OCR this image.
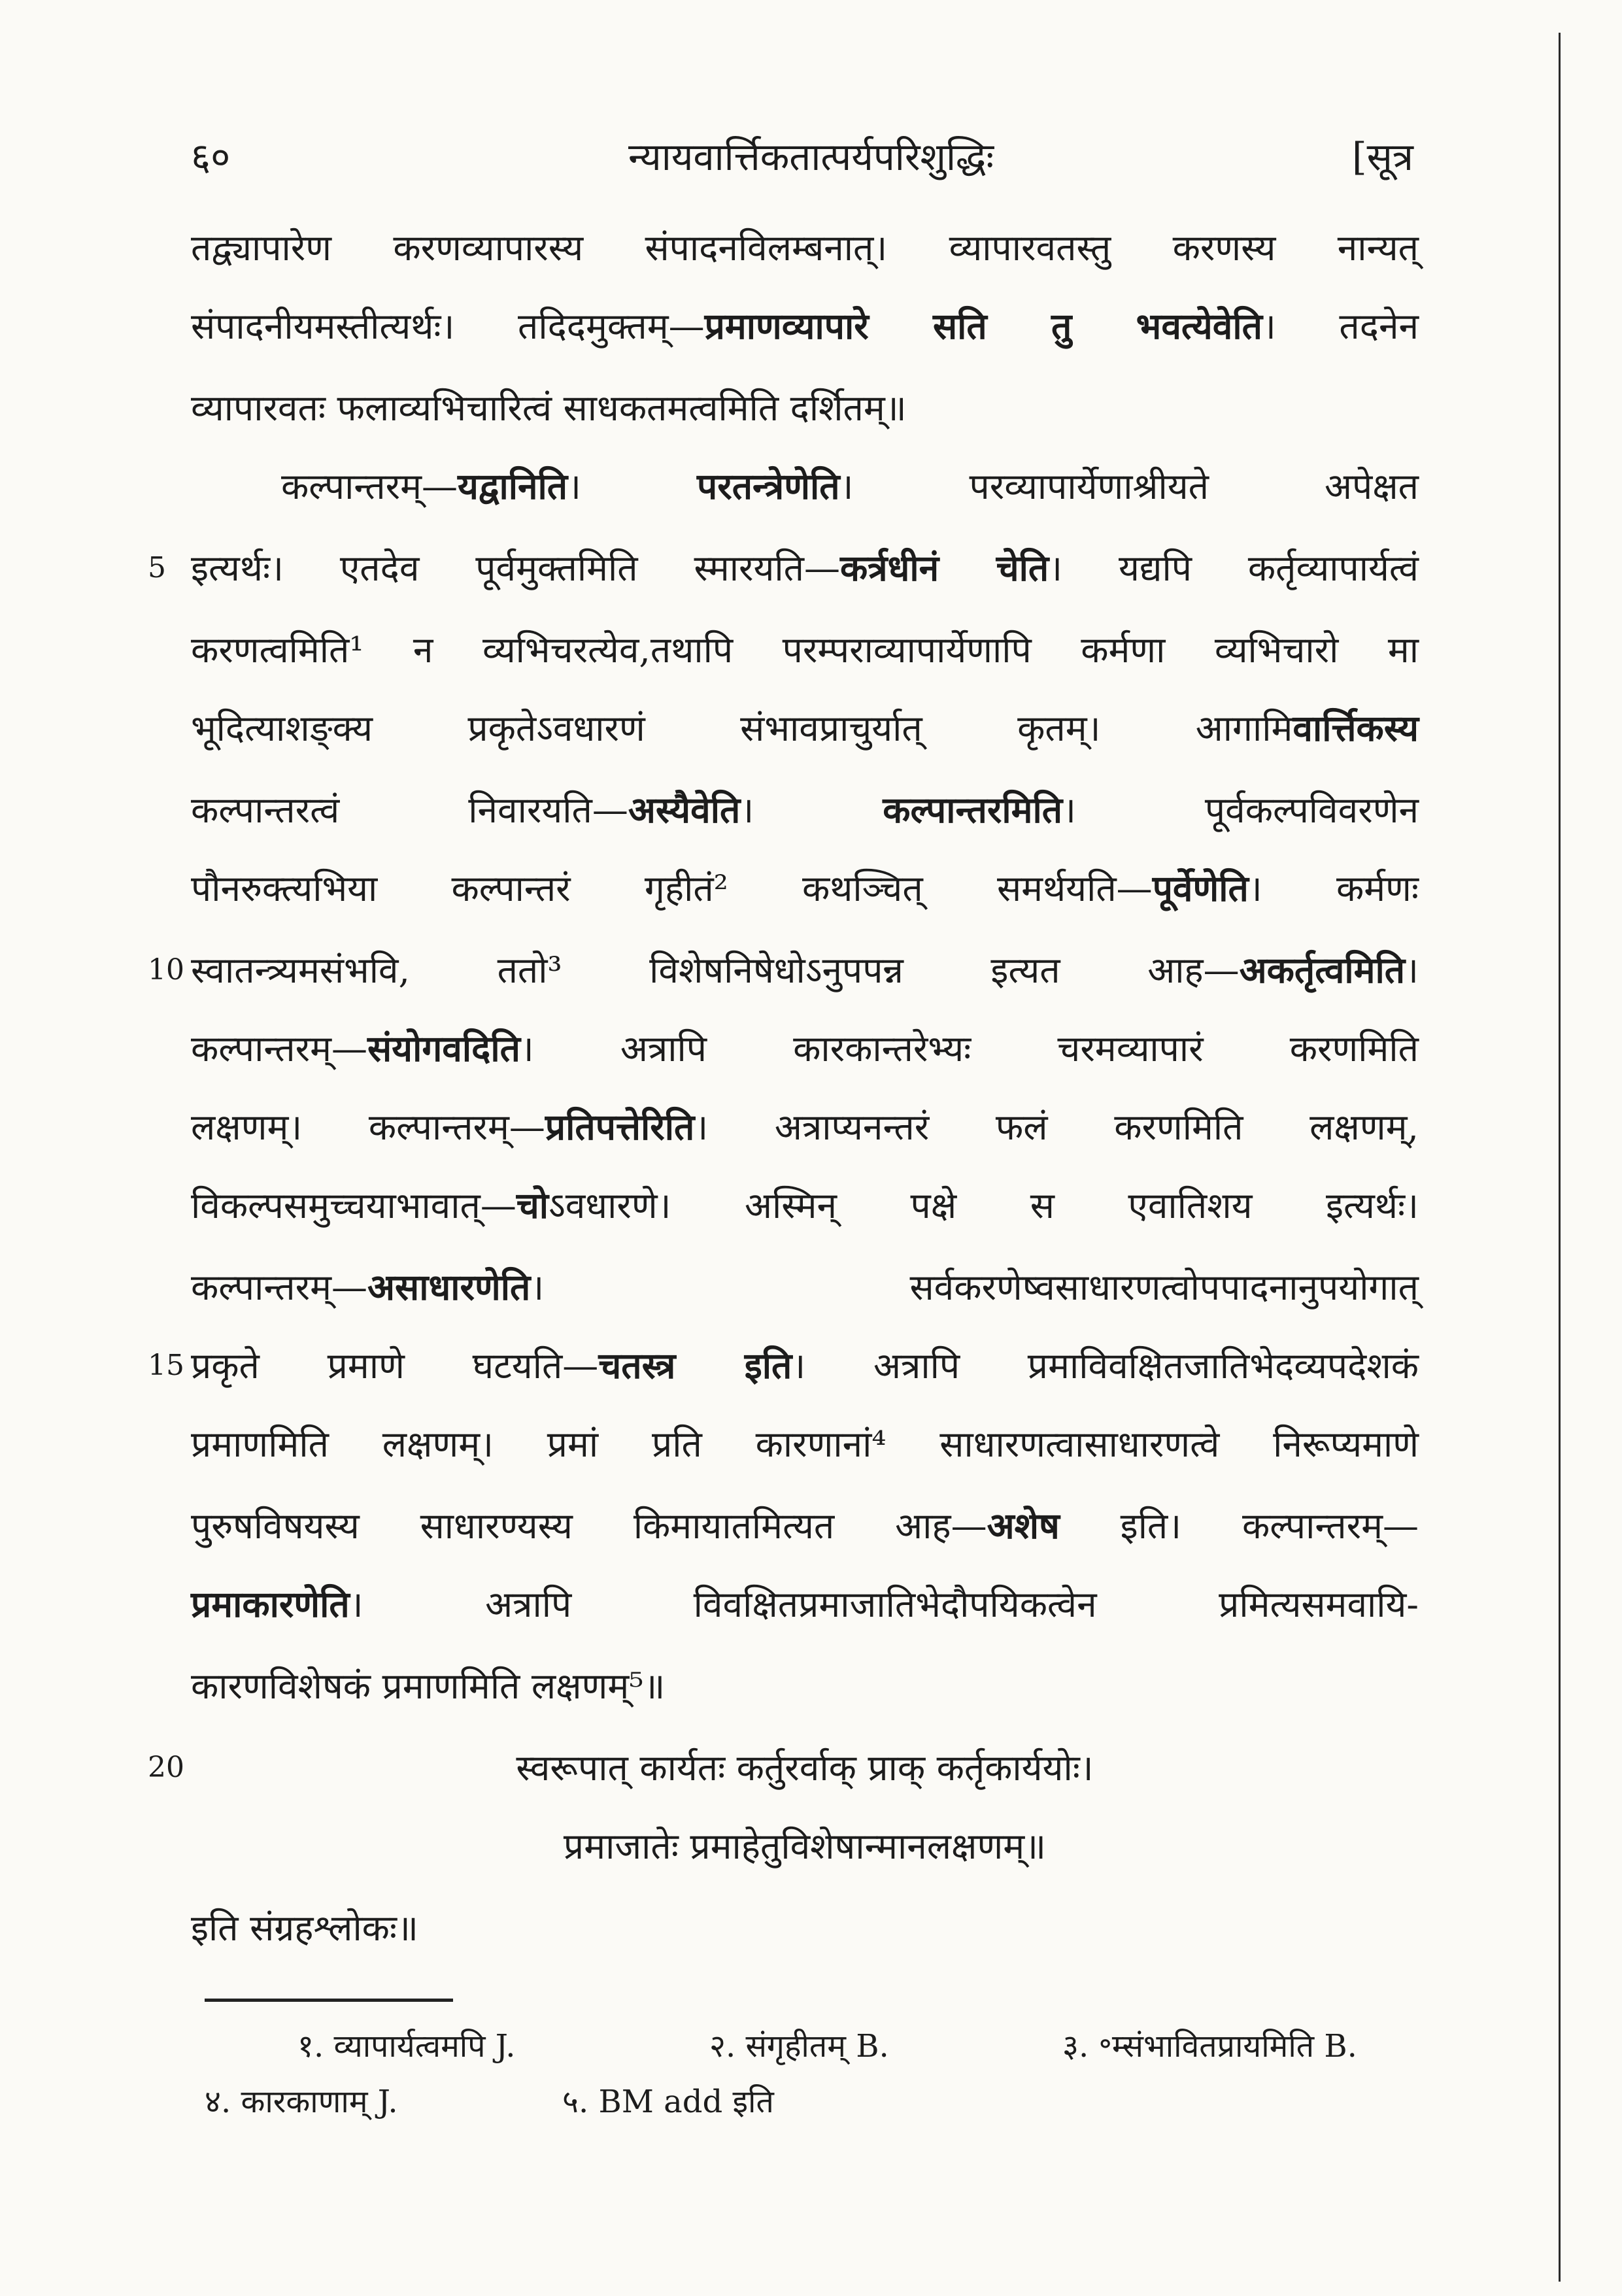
६०	न्यायवार्त्तिकतात्पर्यपरिशुद्धिः	[सूत्र
तद्व्यापारेण करणव्यापारस्य संपादनविलम्बनात्। व्यापारवतस्तु करणस्य नान्यत्
संपादनीयमस्तीत्यर्थः। तदिदमुक्तम्—प्रमाणव्यापारे सति तु भवत्येवेति। तदनेन
व्यापारवतः फलाव्यभिचारित्वं साधकतमत्वमिति दर्शितम्॥
कल्पान्तरम्—यद्वानिति। परतन्त्रेणेति। परव्यापार्येणाश्रीयते अपेक्षत
इत्यर्थः। एतदेव पूर्वमुक्तमिति स्मारयति—कर्त्रधीनं चेति। यद्यपि कर्तृव्यापार्यत्वं
करणत्वमिति¹ न व्यभिचरत्येव,तथापि परम्पराव्यापार्येणापि कर्मणा व्यभिचारो मा
भूदित्याशङ्क्य प्रकृतेऽवधारणं संभावप्राचुर्यात् कृतम्। आगामिवार्त्तिकस्य
कल्पान्तरत्वं निवारयति—अस्यैवेति। कल्पान्तरमिति। पूर्वकल्पविवरणेन
पौनरुक्त्यभिया कल्पान्तरं गृहीतं² कथञ्चित् समर्थयति—पूर्वेणेति। कर्मणः
स्वातन्त्र्यमसंभवि, ततो³ विशेषनिषेधोऽनुपपन्न इत्यत आह—अकर्तृत्वमिति।
कल्पान्तरम्—संयोगवदिति। अत्रापि कारकान्तरेभ्यः चरमव्यापारं करणमिति
लक्षणम्। कल्पान्तरम्—प्रतिपत्तेरिति। अत्राप्यनन्तरं फलं करणमिति लक्षणम्,
विकल्पसमुच्चयाभावात्—चोऽवधारणे। अस्मिन् पक्षे स एवातिशय इत्यर्थः।
कल्पान्तरम्—असाधारणेति। सर्वकरणेष्वसाधारणत्वोपपादनानुपयोगात्
प्रकृते प्रमाणे घटयति—चतस्त्र इति। अत्रापि प्रमाविवक्षितजातिभेदव्यपदेशकं
प्रमाणमिति लक्षणम्। प्रमां प्रति कारणानां⁴ साधारणत्वासाधारणत्वे निरूप्यमाणे
पुरुषविषयस्य साधारण्यस्य किमायातमित्यत आह—अशेष इति। कल्पान्तरम्—
प्रमाकारणेति। अत्रापि विवक्षितप्रमाजातिभेदौपयिकत्वेन प्रमित्यसमवायि-
कारणविशेषकं प्रमाणमिति लक्षणम्⁵॥
स्वरूपात् कार्यतः कर्तुरर्वाक् प्राक् कर्तृकार्ययोः।
प्रमाजातेः प्रमाहेतुविशेषान्मानलक्षणम्॥
इति संग्रहश्लोकः॥
5
10
15
20
१. व्यापार्यत्वमपि J.	२. संगृहीतम् B.	३. ॰म्संभावितप्रायमिति B.
४. कारकाणाम् J.	५. BM add इति
